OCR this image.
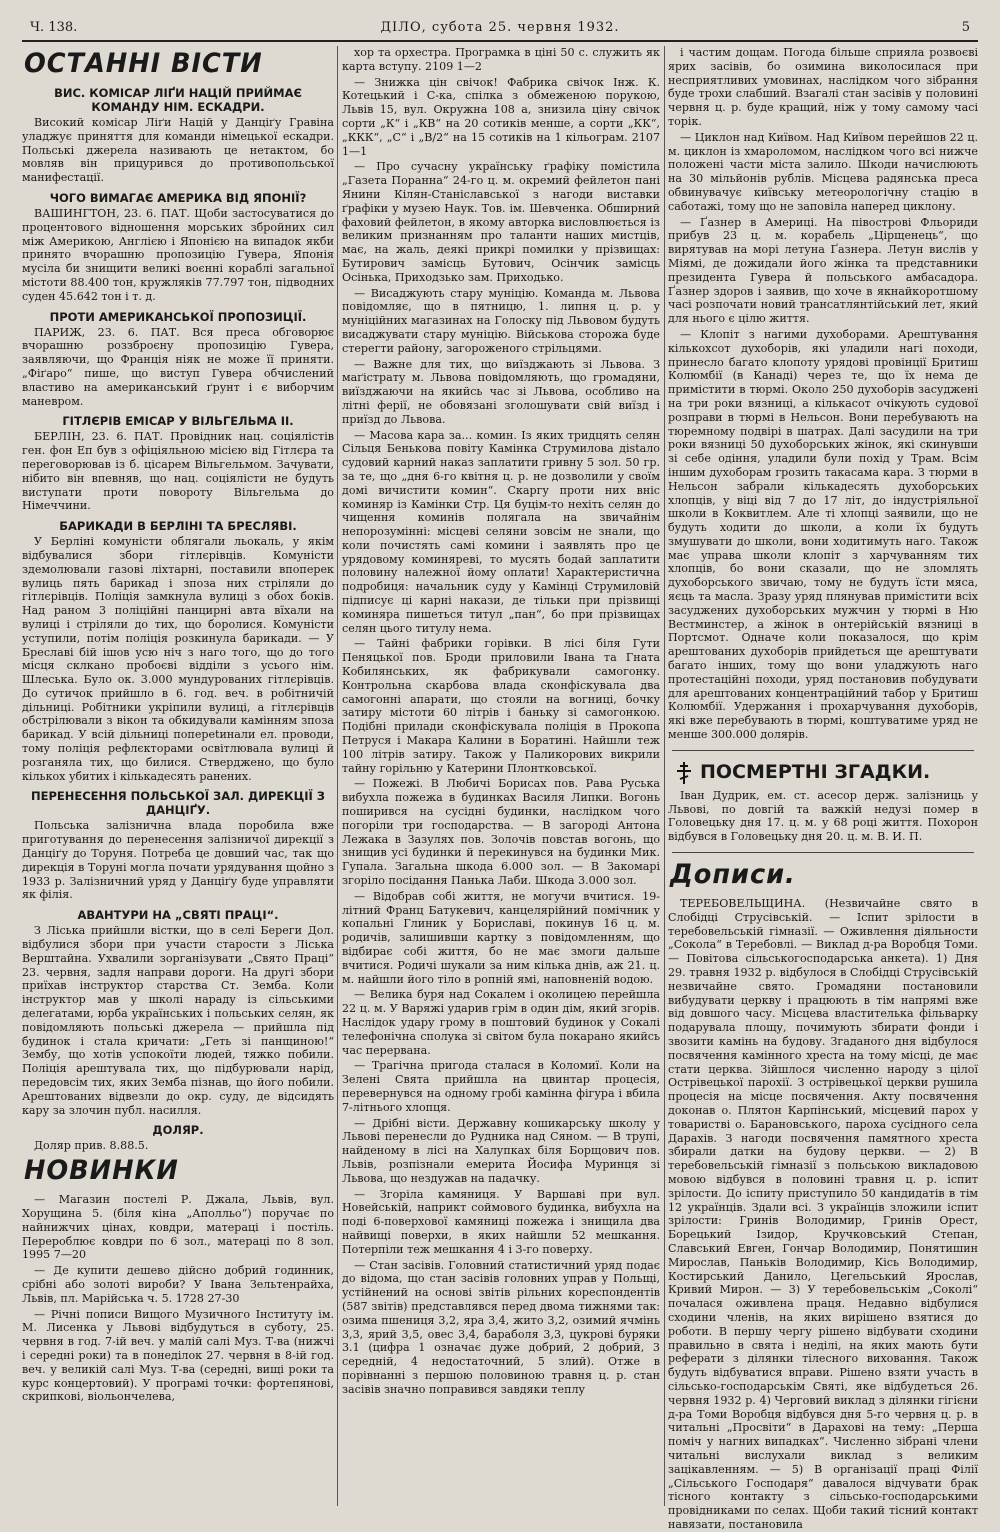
Ч. 138.	ДІЛО, субота 25. червня 1932.	5
ОСТАННІ ВІСТИ
ВИС. КОМІСАР ЛІҐИ НАЦІЙ ПРИЙМАЄ КОМАНДУ НІМ. ЕСКАДРИ.

Високий комісар Ліґи Націй у Данціґу Гравіна уладжує приняття для команди німецької ескадри. Польські джерела називають це нетактом, бо мовляв він прицурився до противопольської манифестації.

ЧОГО ВИМАГАЄ АМЕРИКА ВІД ЯПОНІЇ?

ВАШИНГТОН, 23. 6. ПАТ. Щоби застосуватися до процентового відношення морських збройних сил між Америкою, Англією і Японією на випадок якби принято вчорашню пропозицію Гувера, Японія мусіла би знищити великі воєнні кораблі загальної містоти 88.400 тон, кружляків 77.797 тон, підводних суден 45.642 тон і т. д.

ПРОТИ АМЕРИКАНСЬКОЇ ПРОПОЗИЦІЇ.

ПАРИЖ, 23. 6. ПАТ. Вся преса обговорює вчорашню роззброєну пропозицію Гувера, заявляючи, що Франція ніяк не може її приняти. „Фіґаро“ пише, що виступ Гувера обчислений властиво на американський ґрунт і є виборчим маневром.

ГІТЛЄРІВ ЕМІСАР У ВІЛЬГЕЛЬМА II.

БЕРЛІН, 23. 6. ПАТ. Провідник нац. соціялістів ген. фон Еп був з офіціяльною місією від Гітлєра та переговорював із б. цісарем Вільгельмом. Зачувати, нібито він впевняв, що нац. соціялісти не будуть виступати проти повороту Вільгельма до Німеччини.

БАРИКАДИ В БЕРЛІНІ ТА БРЕСЛЯВІ.

У Берліні комуністи облягали льокаль, у якім відбувалися збори гітлєрівців. Комуністи здемолювали газові ліхтарні, поставили впоперек вулиць пять барикад і зпоза них стріляли до гітлєрівців. Поліція замкнула вулиці з обох боків. Над раном 3 поліційні панцирні авта вїхали на вулиці і стріляли до тих, що боролися. Комуністи уступили, потім поліція розкинула барикади. — У Бреславі бій ішов усю ніч з наго того, що до того місця склкано пробоєві відділи з усього нім. Шлеська. Було ок. 3.000 мундурованих гітлєрівців. До сутичок прийшло в 6. год. веч. в робітничій дільниці. Робітники укріпили вулиці, а гітлєрівців обстрілювали з вікон та обкидували камінням зпоза барикад. У всій дільниці попереtинали ел. проводи, тому поліція рефлєкторами освітлювала вулиці й розганяла тих, що билися. Стверджено, що було кількох убитих і кількадесять ранених.

ПЕРЕНЕСЕННЯ ПОЛЬСЬКОЇ ЗАЛ. ДИРЕКЦІЇ З ДАНЦІҐУ.

Польська залізнична влада поробила вже приготування до перенесення залізничої дирекції з Данціґу до Торуня. Потреба це довший час, так що дирекція в Торуні могла почати урядування щойно з 1933 р. Залізничний уряд у Данціґу буде управляти як філія.

АВАНТУРИ НА „СВЯТІ ПРАЦІ“.

З Ліська прийшли вістки, що в селі Береги Дол. відбулися збори при участи старости з Ліська Верштайна. Ухвалили зорганізувати „Свято Праці“ 23. червня, задля направи дороги. На другі збори приїхав інструктор старства Ст. Земба. Коли інструктор мав у школі нараду із сільськими делегатами, юрба українських і польських селян, як повідомляють польські джерела — прийшла під будинок і стала кричати: „Геть зі панщиною!“ Зембу, що хотів успокоїти людей, тяжко побили. Поліція арештувала тих, що підбурювали нарід, передовсім тих, яких Земба пізнав, що його побили. Арештованих відвезли до окр. суду, де відсидять кару за злочин публ. насилля.

ДОЛЯР.

Доляр прив. 8.88.5.

НОВИНКИ

— Магазин постелі Р. Джала, Львів, вул. Хорущина 5. (біля кіна „Аполльо“) поручає по найнижчих цінах, ковдри, матераці і постіль. Перероблює ковдри по 6 зол., матераці по 8 зол. 1995 7—20

— Де купити дешево дійсно добрий годинник, срібні або золоті вироби? У Івана Зельтенрайха, Львів, пл. Марійська ч. 5. 1728 27-30

— Річні пописи Вищого Музичного Інституту ім. М. Лисенка у Львові відбудуться в суботу, 25. червня в год. 7-ій веч. у малій салі Муз. Т-ва (нижчі і середні роки) та в понеділок 27. червня в 8-ій год. веч. у великій салі Муз. Т-ва (середні, вищі роки та курс концертовий). У програмі точки: фортепянові, скрипкові, віольончелева,

хор та орхестра. Програмка в ціні 50 с. служить як карта вступу. 2109 1—2

— Знижка цін свічок! Фабрика свічок Інж. К. Котецький і С-ка, спілка з обмеженою порукою, Львів 15, вул. Окружна 108 а, знизила ціну свічок сорти „К“ і „КВ“ на 20 сотиків менше, а сорти „КК“, „ККК“, „С“ і „В/2“ на 15 сотиків на 1 кільограм. 2107 1—1

— Про сучасну українську ґрафіку помістила „Газета Поранна“ 24-го ц. м. окремий фейлетон пані Янини Кілян-Станіславської з нагоди виставки ґрафіки у музею Наук. Тов. ім. Шевченка. Обширний фаховий фейлетон, в якому авторка висловлюється із великим признанням про таланти наших мистців, має, на жаль, деякі прикрі помилки у прізвищах: Бутирович замісць Бутович, Осінчик замісць Осінька, Приходзько зам. Приходько.

— Висаджують стару муніцію. Команда м. Львова повідомляє, що в пятницю, 1. липня ц. р. у муніційних магазинах на Голоску під Львовом будуть висаджувати стару муніцію. Військова сторожа буде стерегти району, загороженого стрільцями.

— Важне для тих, що виїзджають зі Львова. З маґістрату м. Львова повідомляють, що громадяни, виїзджаючи на якийсь час зі Львова, особливо на літні ферії, не обовязані зголошувати свій виїзд і приїзд до Львова.

— Масова кара за... комин. Із яких тридцять селян Сільця Бенькова повіту Камінка Струмилова діstало судовий карний наказ заплатити гривну 5 зол. 50 гр. за те, що „дня 6-го квітня ц. р. не дозволили у своїм домі вичистити комин“. Скаргу проти них вніс коминяр із Камінки Стр. Ця буцім-то нехіть селян до чищення коминів полягала на звичайнім непорозумінні: місцеві селяни зовсім не знали, що коли почистять самі комини і заявлять про це урядовому коминяреві, то мусять бодай заплатити половину належної йому оплати! Характеристична подробиця: начальник суду у Камінці Струмиловій підписує ці карні накази, де тільки при прізвищі коминяра пишеться титул „пан“, бо при прізвищах селян цього титулу нема.

— Тайні фабрики горівки. В лісі біля Гути Пеняцької пов. Броди приловили Івана та Гната Кобилянських, як фабрикували самогонку. Контрольна скарбова влада сконфіскувала два самогонні апарати, що стояли на вогниці, бочку затиру містоти 60 літрів і баньку зі самогонкою. Подібні прилади сконфіскувала поліція в Прокопа Петруся і Макара Калини в Боратині. Найшли теж 100 літрів затиру. Також у Паликорових викрили тайну горільню у Катерини Плонтковської.

— Пожежі. В Любичі Борисах пов. Рава Руська вибухла пожежа в будинках Василя Липки. Вогонь поширився на сусідні будинки, наслідком чого погоріли три господарства. — В загороді Антона Лежака в Зазулях пов. Золочів повстав вогонь, що знищив усі будинки й перекинувся на будинки Мик. Гупала. Загальна шкода 6.000 зол. — В Закомарі згоріло посідання Панька Лаби. Шкода 3.000 зол.

— Відобрав собі життя, не могучи вчитися. 19-літний Франц Батукевич, канцелярійний помічник у копальні Глиник у Бориславі, покинув 16 ц. м. родичів, залишивши картку з повідомленням, що відбирає собі життя, бо не має змоги дальше вчитися. Родичі шукали за ним кілька днів, аж 21. ц. м. найшли його тіло в ропній ямі, наповненій водою.

— Велика буря над Сокалем і околицею перейшла 22 ц. м. У Варяжі ударив грім в один дім, який згорів. Наслідок удару грому в поштовий будинок у Сокалі телефонічна сполука зі світом була покаранo якийсь час перервана.

— Трагічна пригода сталася в Коломиї. Коли на Зелені Свята прийшла на цвинтар процесія, перевернувся на одному гробі камінна фігура і вбила 7-літнього хлопця.

— Дрібні вісти. Державну кошикарську школу у Львові перенесли до Рудника над Сяном. — В трупі, найденому в лісі на Халупках біля Борщович пов. Львів, розпізнали емерита Йосифа Муринця зі Львова, що нездужав на падачку.

— Згоріла камяниця. У Варшаві при вул. Новейській, наприкт соймового будинка, вибухла на поді 6-поверхової камяниці пожежа і знищила два найвищі поверхи, в яких найшли 52 мешкання. Потерпіли теж мешкання 4 і 3-го поверху.

— Стан засівів. Головний статистичний уряд подає до відома, що стан засівів головних управ у Польщі, устійнений на основі звітів рільних кореспондентів (587 звітів) представлявся перед двома тижнями так: озима пшениця 3,2, яра 3,4, жито 3,2, озимий ячмінь 3,3, ярий 3,5, овес 3,4, бараболя 3,3, цукрові буряки 3.1 (цифра 1 означає дуже добрий, 2 добрий, 3 середній, 4 недостаточний, 5 злий). Отже в порівнанні з першою половиною травня ц. р. стан засівів значно поправився завдяки теплу

і частим дощам. Погода більше сприяла розвоєві ярих засівів, бо озимина виколосилася при несприятливих умовинах, наслідком чого зібрання буде трохи слабший. Взагалі стан засівів у половині червня ц. р. буде кращий, ніж у тому самому часі торік.

— Циклон над Київом. Над Київом перейшов 22 ц. м. циклон із хмароломом, наслідком чого всі нижче положені части міста залило. Шкоди начислюють на 30 мільйонів рублів. Місцева радянська преса обвинувачує київську метеорологічну стацію в саботажі, тому що не заповіла наперед циклону.

— Ґазнер в Америці. На півострові Фльориди прибув 23 ц. м. корабель „Ціpщенець“, що вирятував на морі летуна Ґазнера. Летун вислів у Міямі, де дожидали його жінка та представники президента Гувера й польського амбасадора. Ґазнер здоров і заявив, що хоче в якнайкоротшому часі розпочати новий трансатлянтійський лет, який для нього є цілю життя.

— Клопіт з нагими духоборами. Арештування кількохсот духоборів, які уладили нагі походи, принесло багато клопоту урядові провінції Бритиш Колюмбії (в Канаді) через те, що їх нема де примістити в тюрмі. Около 250 духоборів засуджені на три роки вязниці, а кількасот очікують судової розправи в тюрмі в Нельсон. Вони перебувають на тюремному подвірі в шатрах. Далі засудили на три роки вязниці 50 духоборських жінок, які скинувши зі себе одіння, уладили були похід у Трам. Всім іншим духоборам грозить такасама кара. З тюрми в Нельсон забрали кількадесять духоборських хлопців, у віці від 7 до 17 літ, до індустріяльної школи в Коквитлем. Але ті хлопці заявили, що не будуть ходити до школи, а коли їх будуть змушувати до школи, вони ходитимуть наго. Також має управа школи клопіт з харчуванням тих хлопців, бо вони сказали, що не зломлять духоборського звичаю, тому не будуть їсти мяса, яєць та масла. Зразу уряд плянував примістити всіх засуджених духоборських мужчин у тюрмі в Ню Вестминстер, а жінок в онтерійській вязниці в Портсмот. Одначе коли показалося, що крім арештованих духоборів прийдеться ще арештувати багато інших, тому що вони уладжують наго протестаційні походи, уряд постановив побудувати для арештованих концентраційний табор у Бритиш Колюмбії. Удержання і прохарчування духоборів, які вже перебувають в тюрмі, коштуватиме уряд не менше 300.000 долярів.

ПОСМЕРТНІ ЗГАДКИ.

Іван Дудрик, ем. ст. асесор держ. залізниць у Львові, по довгій та важкій недузі помер в Головецьку дня 17. ц. м. у 68 році життя. Похорон відбувся в Головецьку дня 20. ц. м. В. И. П.

Дописи.

ТЕРЕБОВЕЛЬЩИНА. (Незвичайне свято в Слобідці Струсівській. — Іспит зрілости в теребовельській гімназії. — Оживлення діяльности „Сокола“ в Теребовлі. — Виклад д-ра Воробця Томи. — Повітова сільськогосподарська анкета). 1) Дня 29. травня 1932 р. відбулося в Слобідці Струсівській незвичайне свято. Громадяни постановили вибудувати церкву і працюють в тім напрямі вже від довшого часу. Місцева властителька фільварку подарувала площу, почимують збирати фонди і звозити камінь на будову. Згаданого дня відбулося посвячення камінного хреста на тому місці, де має стати церква. Зійшлося численно народу з цілої Острівецької парохії. З острівецької церкви рушила процесія на місце посвячення. Акту посвячення доконав о. Плятон Карпінський, місцевий парох у товаристві о. Барановського, пароха сусідного села Дарахів. З нагоди посвячення памятного хреста збирали датки на будову церкви. — 2) В теребовельській гімназії з польською викладовою мовою відбувся в половині травня ц. р. іспит зрілости. До іспиту приступило 50 кандидатів в тім 12 українців. Здали всі. З українців зложили іспит зрілости: Гринів Володимир, Гринів Орест, Борецький Ізидор, Кручковський Степан, Славський Евген, Гончар Володимир, Понятишин Мирослав, Паньків Володимир, Кісь Володимир, Костирський Данило, Цегельський Ярослав, Кривий Мирон. — 3) У теребовельськім „Соколі“ почалася оживлена праця. Недавно відбулися сходини членів, на яких вирішено взятися до роботи. В першу чергу рішено відбувати сходини правильно в свята і неділі, на яких мають бути реферати з ділянки тілесного виховання. Також будуть відбуватися вправи. Рішено взяти участь в сільсько-господарськім Святі, яке відбудеться 26. червня 1932 р. 4) Черговий виклад з ділянки гігієни д-ра Томи Воробця відбувся дня 5-го червня ц. р. в читальні „Просвіти“ в Дарахові на тему: „Перша поміч у нагних випадках“. Численно зібрані члени читальні вислухали виклад з великим зацікавленням. — 5) В організації праці Філії „Сільського Господаря“ давалося відчувати брак тісного контакту з сільсько-господарськими провідниками по селах. Щоби такий тісний контакт навязати, постановила
